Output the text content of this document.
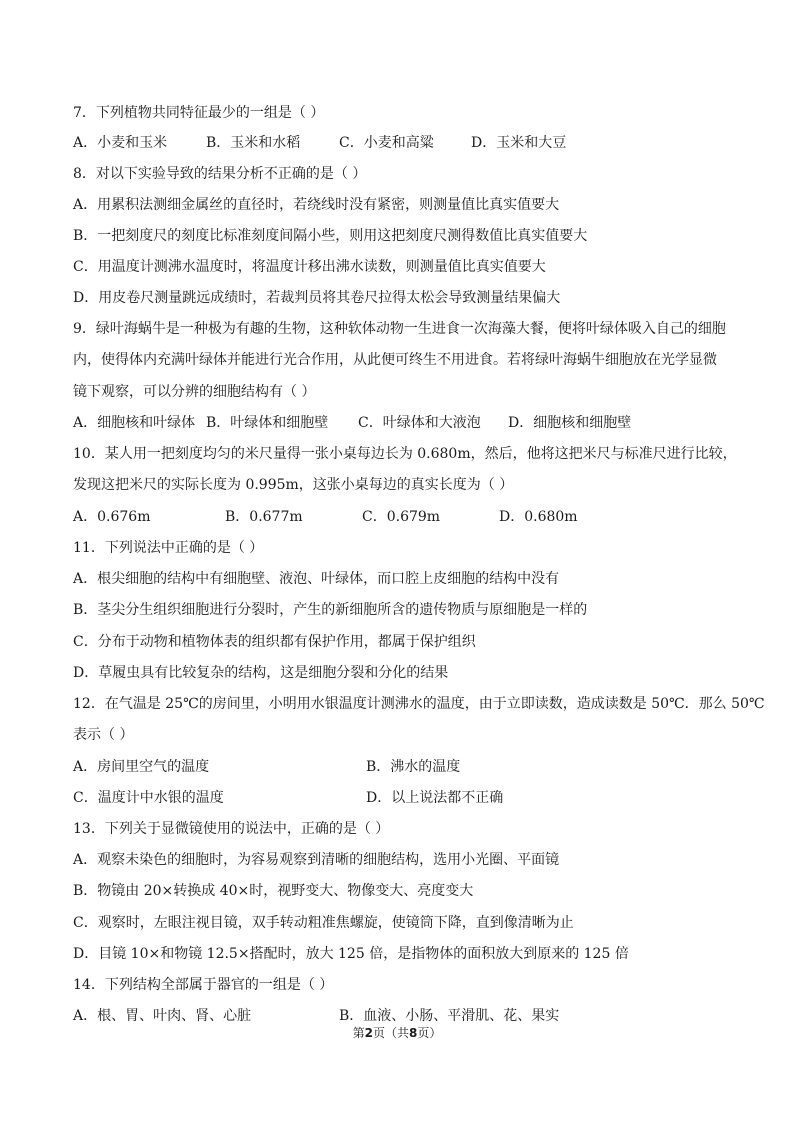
7．下列植物共同特征最少的一组是（ ）
A．小麦和玉米	B．玉米和水稻	C．小麦和高粱	D．玉米和大豆
8．对以下实验导致的结果分析不正确的是（ ）
A．用累积法测细金属丝的直径时，若绕线时没有紧密，则测量值比真实值要大
B．一把刻度尺的刻度比标准刻度间隔小些，则用这把刻度尺测得数值比真实值要大
C．用温度计测沸水温度时，将温度计移出沸水读数，则测量值比真实值要大
D．用皮卷尺测量跳远成绩时，若裁判员将其卷尺拉得太松会导致测量结果偏大
9．绿叶海蜗牛是一种极为有趣的生物，这种软体动物一生进食一次海藻大餐，便将叶绿体吸入自己的细胞
内，使得体内充满叶绿体并能进行光合作用，从此便可终生不用进食。若将绿叶海蜗牛细胞放在光学显微
镜下观察，可以分辨的细胞结构有（ ）
A．细胞核和叶绿体 B．叶绿体和细胞壁 C．叶绿体和大液泡 D．细胞核和细胞壁
10．某人用一把刻度均匀的米尺量得一张小桌每边长为 0.680m，然后，他将这把米尺与标准尺进行比较，
发现这把米尺的实际长度为 0.995m，这张小桌每边的真实长度为（ ）
A．0.676m	B．0.677m	C．0.679m	D．0.680m
11．下列说法中正确的是（ ）
A．根尖细胞的结构中有细胞壁、液泡、叶绿体，而口腔上皮细胞的结构中没有
B．茎尖分生组织细胞进行分裂时，产生的新细胞所含的遗传物质与原细胞是一样的
C．分布于动物和植物体表的组织都有保护作用，都属于保护组织
D．草履虫具有比较复杂的结构，这是细胞分裂和分化的结果
12．在气温是 25℃的房间里，小明用水银温度计测沸水的温度，由于立即读数，造成读数是 50℃．那么 50℃
表示（ ）
A．房间里空气的温度	B．沸水的温度
C．温度计中水银的温度	D．以上说法都不正确
13．下列关于显微镜使用的说法中，正确的是（ ）
A．观察未染色的细胞时，为容易观察到清晰的细胞结构，选用小光圈、平面镜
B．物镜由 20×转换成 40×时，视野变大、物像变大、亮度变大
C．观察时，左眼注视目镜，双手转动粗准焦螺旋，使镜筒下降，直到像清晰为止
D．目镜 10×和物镜 12.5×搭配时，放大 125 倍，是指物体的面积放大到原来的 125 倍
14．下列结构全部属于器官的一组是（ ）
A．根、胃、叶肉、肾、心脏	B．血液、小肠、平滑肌、花、果实
第2页（共8页）
